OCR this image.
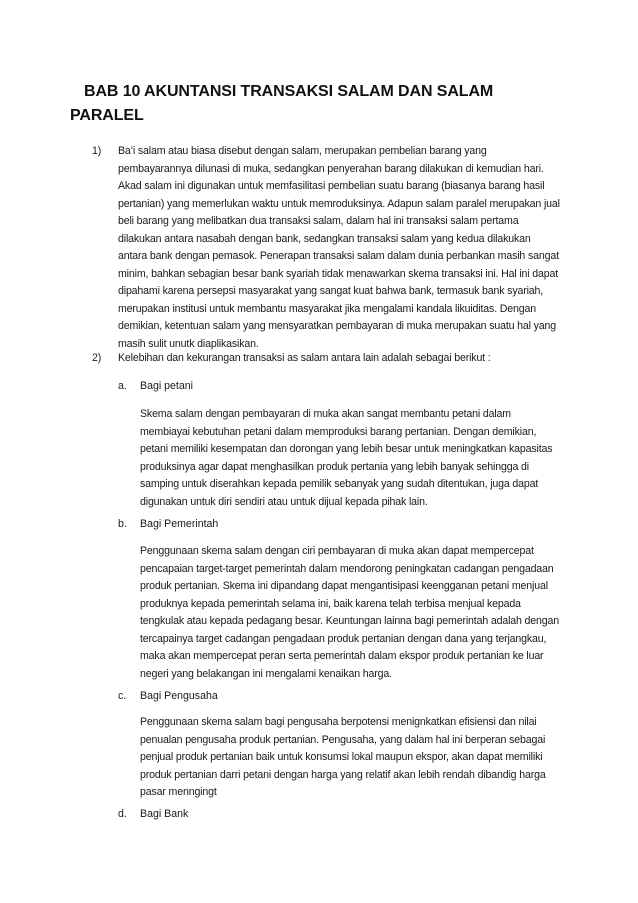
BAB 10 AKUNTANSI TRANSAKSI SALAM DAN SALAM
PARALEL
1) Ba’i salam atau biasa disebut dengan salam, merupakan pembelian barang yang pembayarannya dilunasi di muka, sedangkan penyerahan barang dilakukan di kemudian hari. Akad salam ini digunakan untuk memfasilitasi pembelian suatu barang (biasanya barang hasil pertanian) yang memerlukan waktu untuk memroduksinya. Adapun salam paralel merupakan jual beli barang yang melibatkan dua transaksi salam, dalam hal ini transaksi salam pertama dilakukan antara nasabah dengan bank, sedangkan transaksi salam yang kedua dilakukan antara bank dengan pemasok. Penerapan transaksi salam dalam dunia perbankan masih sangat minim, bahkan sebagian besar bank syariah tidak menawarkan skema transaksi ini. Hal ini dapat dipahami karena persepsi masyarakat yang sangat kuat bahwa bank, termasuk bank syariah, merupakan institusi untuk membantu masyarakat jika mengalami kandala likuiditas. Dengan demikian, ketentuan salam yang mensyaratkan pembayaran di muka merupakan suatu hal yang masih sulit unutk diaplikasikan.
2) Kelebihan dan kekurangan transaksi as salam antara lain adalah sebagai berikut :
a. Bagi petani
Skema salam dengan pembayaran di muka akan sangat membantu petani dalam membiayai kebutuhan petani dalam memproduksi barang pertanian. Dengan demikian, petani memiliki kesempatan dan dorongan yang lebih besar untuk meningkatkan kapasitas produksinya agar dapat menghasilkan produk pertania yang lebih banyak sehingga di samping untuk diserahkan kepada pemilik sebanyak yang sudah ditentukan, juga dapat digunakan untuk diri sendiri atau untuk dijual kepada pihak lain.
b. Bagi Pemerintah
Penggunaan skema salam dengan ciri pembayaran di muka akan dapat mempercepat pencapaian target-target pemerintah dalam mendorong peningkatan cadangan pengadaan produk pertanian. Skema ini dipandang dapat mengantisipasi keengganan petani menjual produknya kepada pemerintah selama ini, baik karena telah terbisa menjual kepada tengkulak atau kepada pedagang besar. Keuntungan lainna bagi pemerintah adalah dengan tercapainya target cadangan pengadaan produk pertanian dengan dana yang terjangkau, maka akan mempercepat peran serta pemerintah dalam ekspor produk pertanian ke luar negeri yang belakangan ini mengalami kenaikan harga.
c. Bagi Pengusaha
Penggunaan skema salam bagi pengusaha berpotensi menignkatkan efisiensi dan nilai penualan pengusaha produk pertanian. Pengusaha, yang dalam hal ini berperan sebagai penjual produk pertanian baik untuk konsumsi lokal maupun ekspor, akan dapat memiliki produk pertanian darri petani dengan harga yang relatif akan lebih rendah dibandig harga pasar menngingt
d. Bagi Bank
